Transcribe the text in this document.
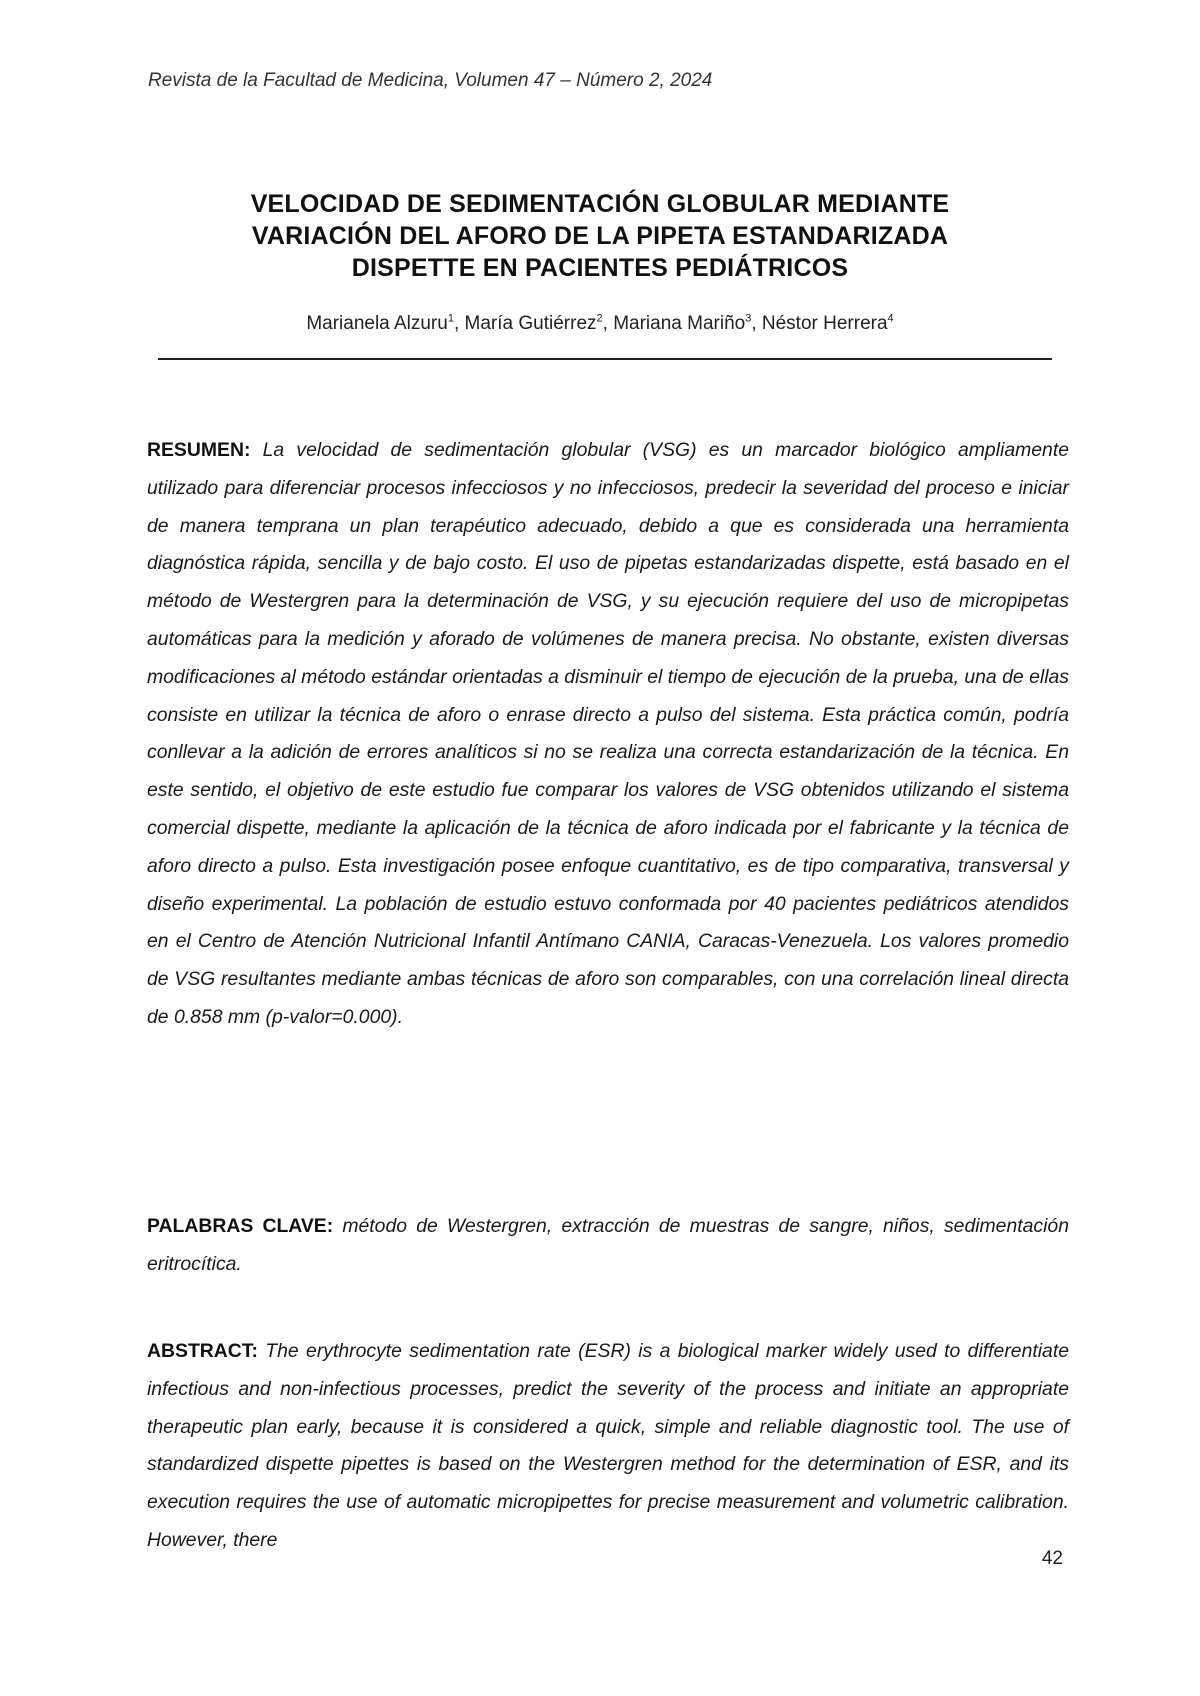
Revista de la Facultad de Medicina, Volumen 47 – Número 2, 2024
VELOCIDAD DE SEDIMENTACIÓN GLOBULAR MEDIANTE
VARIACIÓN DEL AFORO DE LA PIPETA ESTANDARIZADA
DISPETTE EN PACIENTES PEDIÁTRICOS
Marianela Alzuru$^1$, María Gutiérrez$^2$, Mariana Mariño$^3$, Néstor Herrera$^4$
RESUMEN: La velocidad de sedimentación globular (VSG) es un marcador biológico ampliamente utilizado para diferenciar procesos infecciosos y no infecciosos, predecir la severidad del proceso e iniciar de manera temprana un plan terapéutico adecuado, debido a que es considerada una herramienta diagnóstica rápida, sencilla y de bajo costo. El uso de pipetas estandarizadas dispette, está basado en el método de Westergren para la determinación de VSG, y su ejecución requiere del uso de micropipetas automáticas para la medición y aforado de volúmenes de manera precisa. No obstante, existen diversas modificaciones al método estándar orientadas a disminuir el tiempo de ejecución de la prueba, una de ellas consiste en utilizar la técnica de aforo o enrase directo a pulso del sistema. Esta práctica común, podría conllevar a la adición de errores analíticos si no se realiza una correcta estandarización de la técnica. En este sentido, el objetivo de este estudio fue comparar los valores de VSG obtenidos utilizando el sistema comercial dispette, mediante la aplicación de la técnica de aforo indicada por el fabricante y la técnica de aforo directo a pulso. Esta investigación posee enfoque cuantitativo, es de tipo comparativa, transversal y diseño experimental. La población de estudio estuvo conformada por 40 pacientes pediátricos atendidos en el Centro de Atención Nutricional Infantil Antímano CANIA, Caracas-Venezuela. Los valores promedio de VSG resultantes mediante ambas técnicas de aforo son comparables, con una correlación lineal directa de 0.858 mm (p-valor=0.000).
PALABRAS CLAVE: método de Westergren, extracción de muestras de sangre, niños, sedimentación eritrocítica.
ABSTRACT: The erythrocyte sedimentation rate (ESR) is a biological marker widely used to differentiate infectious and non-infectious processes, predict the severity of the process and initiate an appropriate therapeutic plan early, because it is considered a quick, simple and reliable diagnostic tool. The use of standardized dispette pipettes is based on the Westergren method for the determination of ESR, and its execution requires the use of automatic micropipettes for precise measurement and volumetric calibration. However, there
42
